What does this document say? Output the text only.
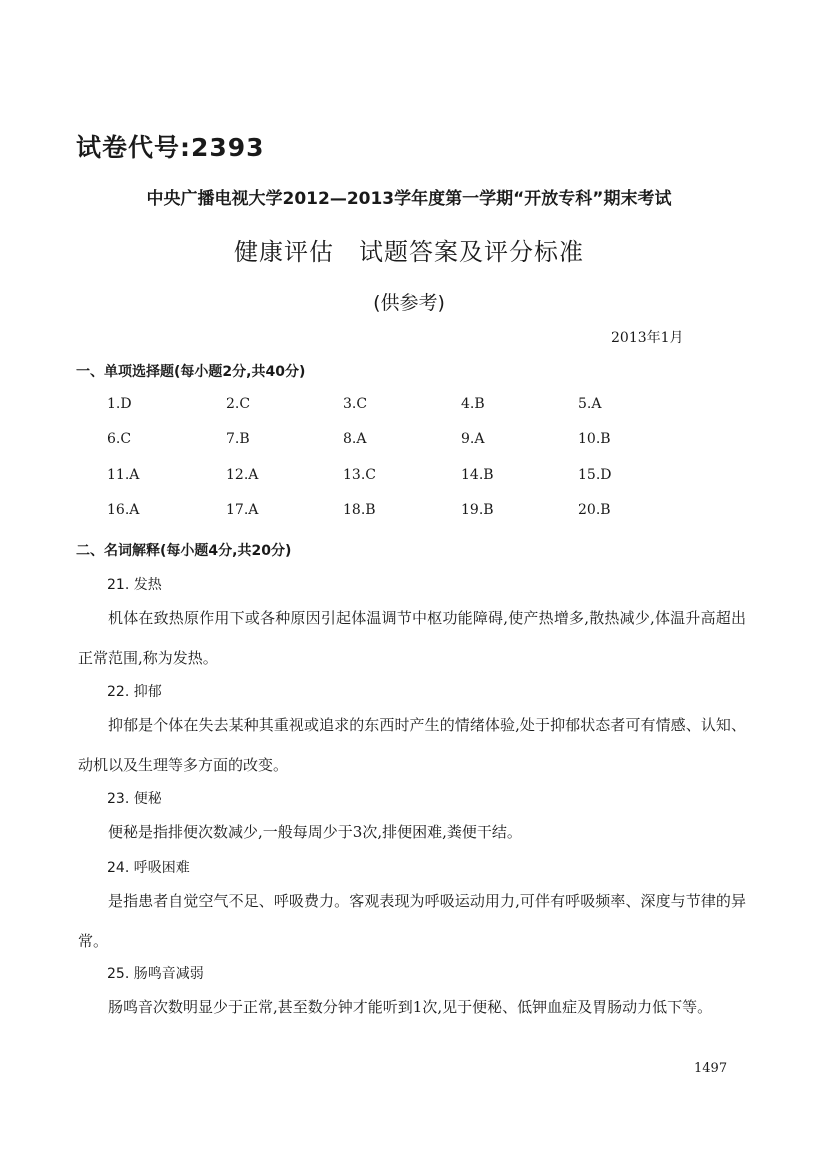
试卷代号:2393
中央广播电视大学2012—2013学年度第一学期“开放专科”期末考试
健康评估　试题答案及评分标准
(供参考)
2013年1月
一、单项选择题(每小题2分,共40分)
1.D	2.C	3.C	4.B	5.A
6.C	7.B	8.A	9.A	10.B
11.A	12.A	13.C	14.B	15.D
16.A	17.A	18.B	19.B	20.B
二、名词解释(每小题4分,共20分)
21. 发热
机体在致热原作用下或各种原因引起体温调节中枢功能障碍,使产热增多,散热减少,体温升高超出正常范围,称为发热。
22. 抑郁
抑郁是个体在失去某种其重视或追求的东西时产生的情绪体验,处于抑郁状态者可有情感、认知、动机以及生理等多方面的改变。
23. 便秘
便秘是指排便次数减少,一般每周少于3次,排便困难,粪便干结。
24. 呼吸困难
是指患者自觉空气不足、呼吸费力。客观表现为呼吸运动用力,可伴有呼吸频率、深度与节律的异常。
25. 肠鸣音减弱
肠鸣音次数明显少于正常,甚至数分钟才能听到1次,见于便秘、低钾血症及胃肠动力低下等。
1497
